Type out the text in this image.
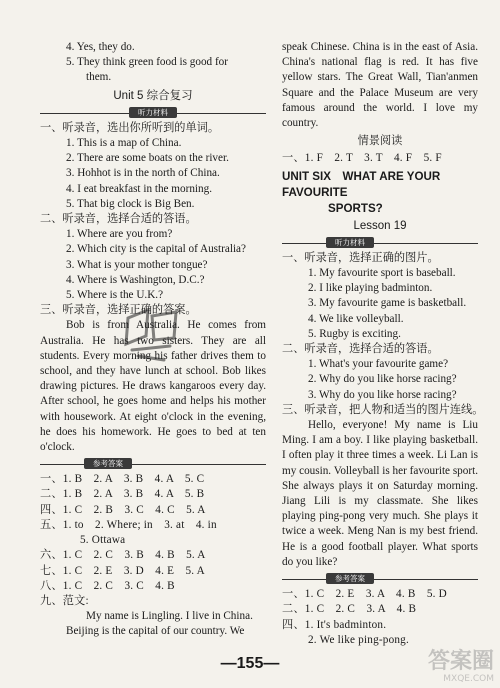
4. Yes, they do.
5. They think green food is good for
them.
Unit 5 综合复习
听力材料
一、听录音，选出你所听到的单词。
1. This is a map of China.
2. There are some boats on the river.
3. Hohhot is in the north of China.
4. I eat breakfast in the morning.
5. That big clock is Big Ben.
二、听录音，选择合适的答语。
1. Where are you from?
2. Which city is the capital of Australia?
3. What is your mother tongue?
4. Where is Washington, D.C.?
5. Where is the U.K.?
三、听录音，选择正确的答案。
Bob is from Australia. He comes from Australia. He has two sisters. They are all students. Every morning his father drives them to school, and they have lunch at school. Bob likes drawing pictures. He draws kangaroos every day. After school, he goes home and helps his mother with housework. At eight o'clock in the evening, he does his homework. He goes to bed at ten o'clock.
参考答案
一、1. B　2. A　3. B　4. A　5. C
二、1. B　2. A　3. B　4. A　5. B
四、1. C　2. B　3. C　4. C　5. A
五、1. to　2. Where; in　3. at　4. in
5. Ottawa
六、1. C　2. C　3. B　4. B　5. A
七、1. C　2. E　3. D　4. E　5. A
八、1. C　2. C　3. C　4. B
九、范文:
My name is Lingling. I live in China.
Beijing is the capital of our country. We
speak Chinese. China is in the east of Asia. China's national flag is red. It has five yellow stars. The Great Wall, Tian'anmen Square and the Palace Museum are very famous around the world. I love my country.
情景阅读
一、1. F　2. T　3. T　4. F　5. F
UNIT SIX　WHAT ARE YOUR FAVOURITE
SPORTS?
Lesson 19
听力材料
一、听录音，选择正确的图片。
1. My favourite sport is baseball.
2. I like playing badminton.
3. My favourite game is basketball.
4. We like volleyball.
5. Rugby is exciting.
二、听录音，选择合适的答语。
1. What's your favourite game?
2. Why do you like horse racing?
3. Why do you like horse racing?
三、听录音，把人物和适当的图片连线。
Hello, everyone! My name is Liu Ming. I am a boy. I like playing basketball. I often play it three times a week. Li Lan is my cousin. Volleyball is her favourite sport. She always plays it on Saturday morning. Jiang Lili is my classmate. She likes playing ping-pong very much. She plays it twice a week. Meng Nan is my best friend. He is a good football player. What sports do you like?
参考答案
一、1. C　2. E　3. A　4. B　5. D
二、1. C　2. C　3. A　4. B
四、1. It's badminton.
2. We like ping-pong.
—155—	答案圈
MXQE.COM
